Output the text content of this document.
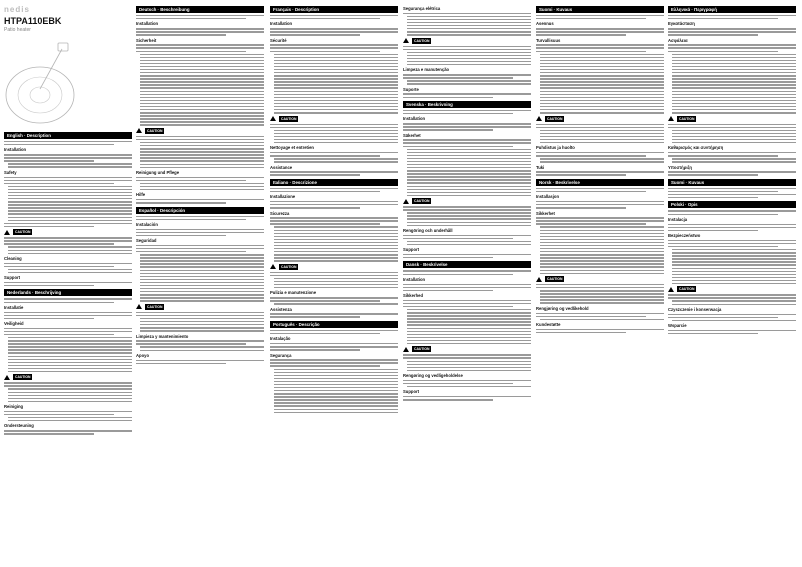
nedis
HTPA110EBK
Patio heater
English · Description
Installation
Safety
CAUTION
Cleaning
Support
Nederlands · Beschrijving
Installatie
Veiligheid
CAUTION
Reiniging
Ondersteuning
Deutsch · Beschreibung
Installation
Sicherheit
CAUTION
Reinigung und Pflege
Hilfe
Español · Descripción
Instalación
Seguridad
CAUTION
Limpieza y mantenimiento
Apoyo
Français · Description
Installation
Sécurité
CAUTION
Nettoyage et entretien
Assistance
Italiano · Descrizione
Installazione
Sicurezza
CAUTION
Pulizia e manutenzione
Assistenza
Português · Descrição
Instalação
Segurança
Segurança elétrica
CAUTION
Limpeza e manutenção
Suporte
Svenska · Beskrivning
Installation
Säkerhet
CAUTION
Rengöring och underhåll
Support
Dansk · Beskrivelse
Installation
Sikkerhed
CAUTION
Rengøring og vedligeholdelse
Support
Suomi · Kuvaus
Asennus
Turvallisuus
CAUTION
Puhdistus ja huolto
Tuki
Norsk · Beskrivelse
Installasjon
Sikkerhet
CAUTION
Rengjøring og vedlikehold
Kundestøtte
Ελληνικά · Περιγραφή
Εγκατάσταση
Ασφάλεια
CAUTION
Καθαρισμός και συντήρηση
Υποστήριξη
Suomi · Kuvaus
Polski · Opis
Instalacja
Bezpieczeństwo
CAUTION
Czyszczenie i konserwacja
Wsparcie
